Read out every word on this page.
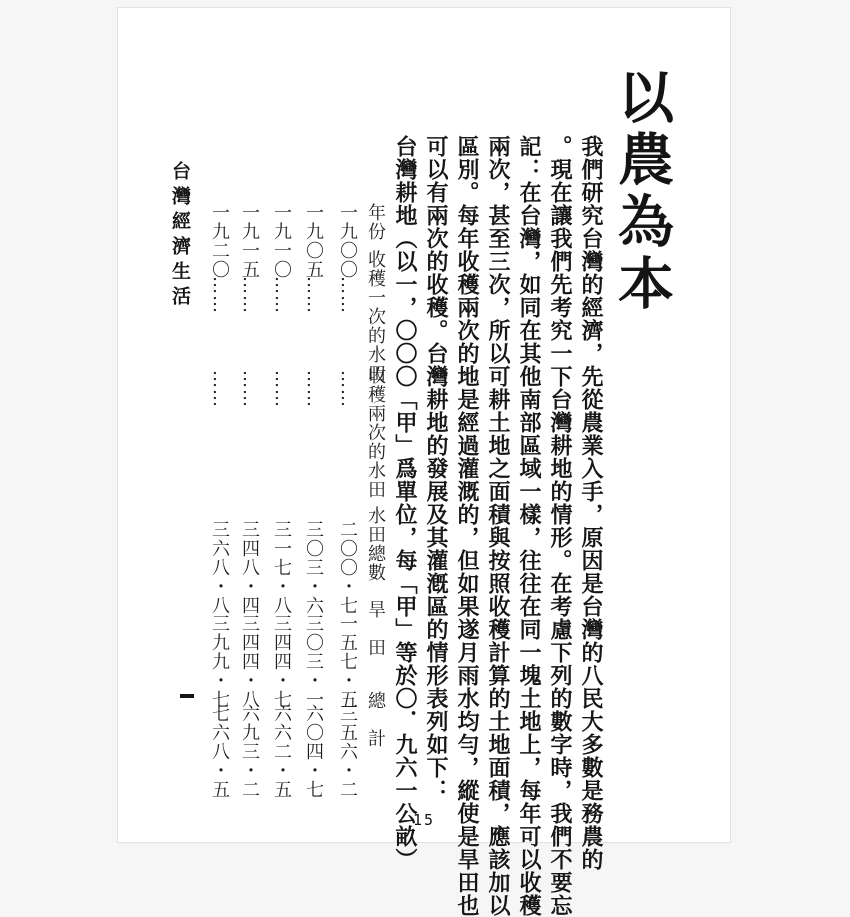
以農為本
我們研究台灣的經濟，先從農業入手，原因是台灣的八民大多數是務農的
。現在讓我們先考究一下台灣耕地的情形。在考慮下列的數字時，我們不要忘
記：在台灣，如同在其他南部區域一樣，往往在同一塊土地上，每年可以收穫
兩次，甚至三次，所以可耕土地之面積與按照收穫計算的土地面積，應該加以
區別。每年收穫兩次的地是經過灌溉的，但如果遂月雨水均勻，縱使是旱田也
可以有兩次的收穫。台灣耕地的發展及其灌漑區的情形表列如下：
台灣耕地（以一，〇〇〇「甲」爲單位，每「甲」等於〇．九六一公畝）
年份
收穫一次的水田
收穫兩次的水田
水田總數
旱　田
總　計
一九〇〇
……
……
二〇〇・七
一五七・五
三五六・二
一九〇五
……
……
三〇三・六
三〇三・一
六〇四・七
一九一〇
……
……
三一七・八
三四四・七
六六二・五
一九一五
……
……
三四八・四
三四四・八
六九三・二
一九二〇
……
……
三六八・八
三九九・七
七六八・五
台灣經濟生活
15
